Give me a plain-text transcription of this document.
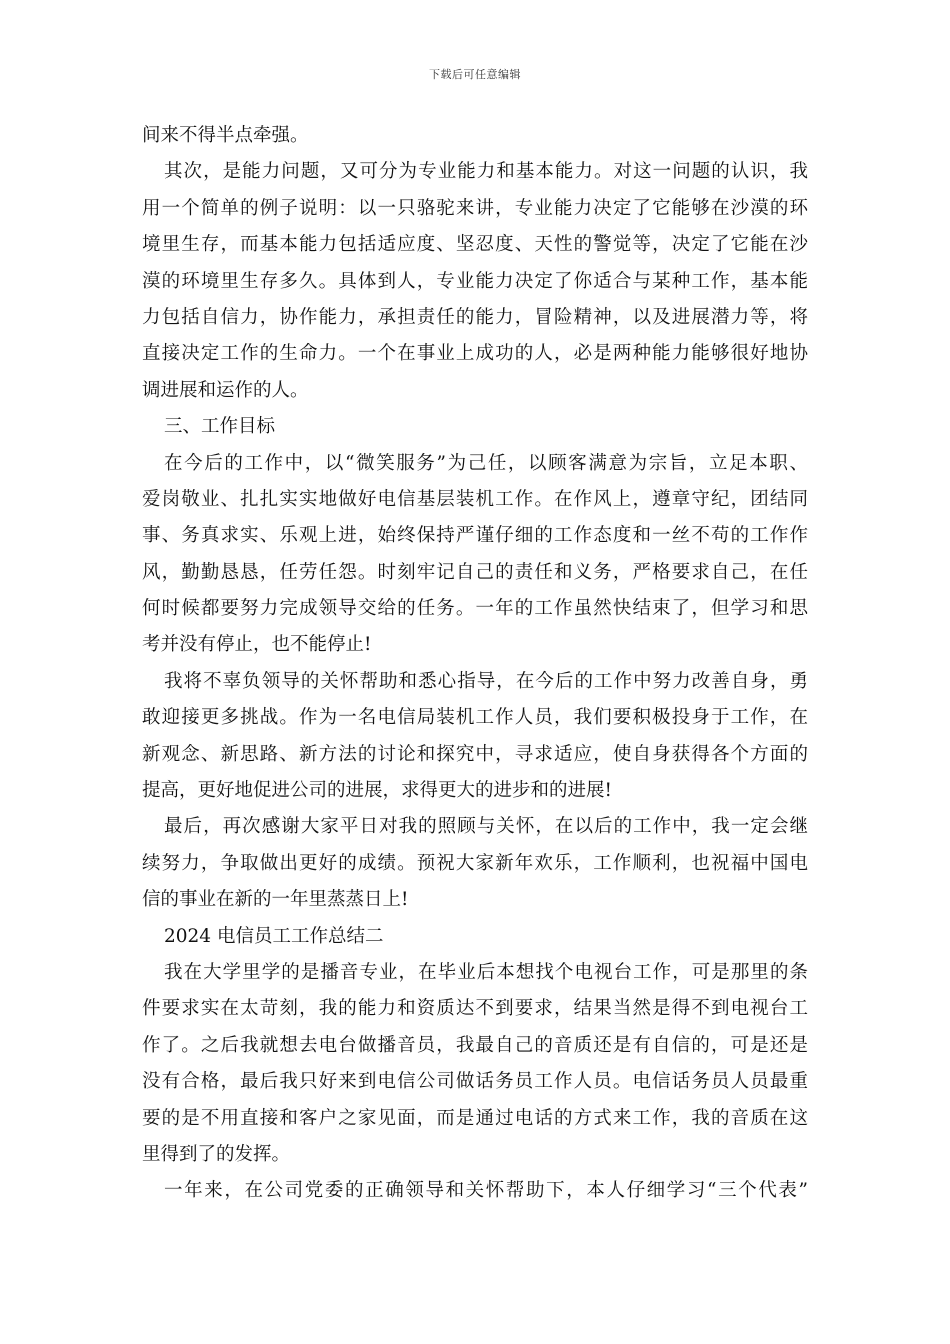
下载后可任意编辑
间来不得半点牵强。
其次，是能力问题，又可分为专业能力和基本能力。对这一问题的认识，我
用一个简单的例子说明：以一只骆驼来讲，专业能力决定了它能够在沙漠的环
境里生存，而基本能力包括适应度、坚忍度、天性的警觉等，决定了它能在沙
漠的环境里生存多久。具体到人，专业能力决定了你适合与某种工作，基本能
力包括自信力，协作能力，承担责任的能力，冒险精神，以及进展潜力等，将
直接决定工作的生命力。一个在事业上成功的人，必是两种能力能够很好地协
调进展和运作的人。
三、工作目标
在今后的工作中，以“微笑服务”为己任，以顾客满意为宗旨，立足本职、
爱岗敬业、扎扎实实地做好电信基层装机工作。在作风上，遵章守纪，团结同
事、务真求实、乐观上进，始终保持严谨仔细的工作态度和一丝不苟的工作作
风，勤勤恳恳，任劳任怨。时刻牢记自己的责任和义务，严格要求自己，在任
何时候都要努力完成领导交给的任务。一年的工作虽然快结束了，但学习和思
考并没有停止，也不能停止!
我将不辜负领导的关怀帮助和悉心指导，在今后的工作中努力改善自身，勇
敢迎接更多挑战。作为一名电信局装机工作人员，我们要积极投身于工作，在
新观念、新思路、新方法的讨论和探究中，寻求适应，使自身获得各个方面的
提高，更好地促进公司的进展，求得更大的进步和的进展!
最后，再次感谢大家平日对我的照顾与关怀，在以后的工作中，我一定会继
续努力，争取做出更好的成绩。预祝大家新年欢乐，工作顺利，也祝福中国电
信的事业在新的一年里蒸蒸日上!
2024 电信员工工作总结二
我在大学里学的是播音专业，在毕业后本想找个电视台工作，可是那里的条
件要求实在太苛刻，我的能力和资质达不到要求，结果当然是得不到电视台工
作了。之后我就想去电台做播音员，我最自己的音质还是有自信的，可是还是
没有合格，最后我只好来到电信公司做话务员工作人员。电信话务员人员最重
要的是不用直接和客户之家见面，而是通过电话的方式来工作，我的音质在这
里得到了的发挥。
一年来，在公司党委的正确领导和关怀帮助下，本人仔细学习“三个代表”
